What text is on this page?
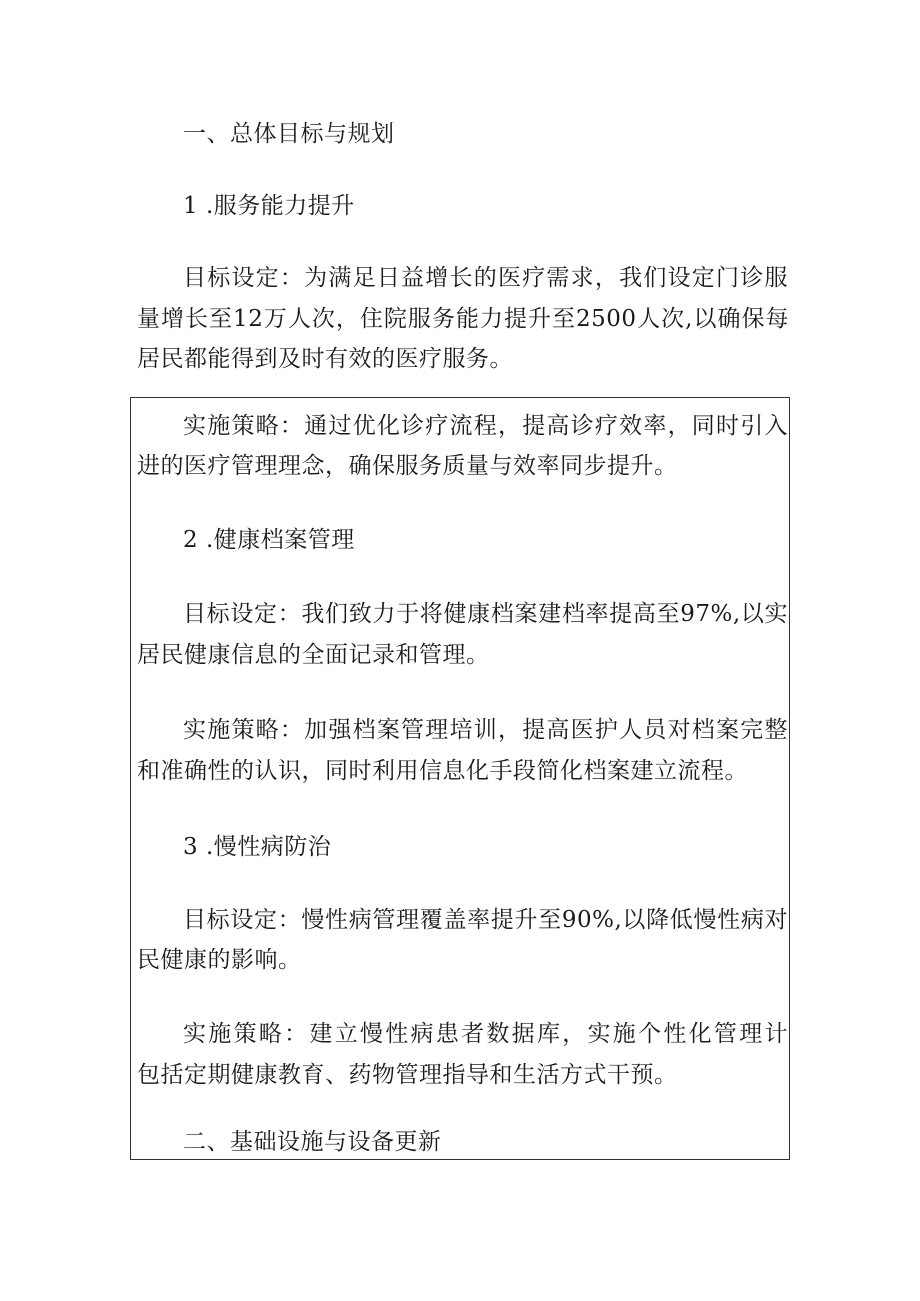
一、总体目标与规划
1 .服务能力提升
目标设定：为满足日益增长的医疗需求，我们设定门诊服
量增长至12万人次，住院服务能力提升至2500人次,以确保每
居民都能得到及时有效的医疗服务。
实施策略：通过优化诊疗流程，提高诊疗效率，同时引入
进的医疗管理理念，确保服务质量与效率同步提升。
2 .健康档案管理
目标设定：我们致力于将健康档案建档率提高至97%,以实
居民健康信息的全面记录和管理。
实施策略：加强档案管理培训，提高医护人员对档案完整
和准确性的认识，同时利用信息化手段简化档案建立流程。
3 .慢性病防治
目标设定：慢性病管理覆盖率提升至90%,以降低慢性病对
民健康的影响。
实施策略：建立慢性病患者数据库，实施个性化管理计
包括定期健康教育、药物管理指导和生活方式干预。
二、基础设施与设备更新
